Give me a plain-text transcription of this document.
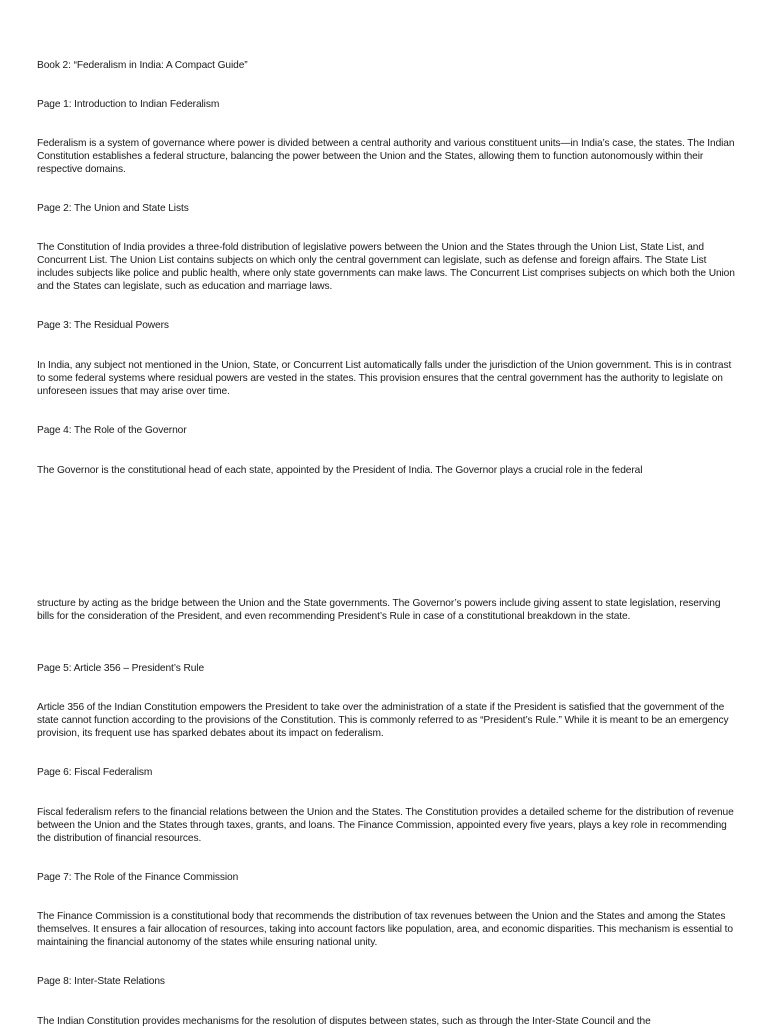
Book 2: “Federalism in India: A Compact Guide”
Page 1: Introduction to Indian Federalism
Federalism is a system of governance where power is divided between a central authority and various constituent units—in India’s case, the states. The Indian Constitution establishes a federal structure, balancing the power between the Union and the States, allowing them to function autonomously within their respective domains.
Page 2: The Union and State Lists
The Constitution of India provides a three-fold distribution of legislative powers between the Union and the States through the Union List, State List, and Concurrent List. The Union List contains subjects on which only the central government can legislate, such as defense and foreign affairs. The State List includes subjects like police and public health, where only state governments can make laws. The Concurrent List comprises subjects on which both the Union and the States can legislate, such as education and marriage laws.
Page 3: The Residual Powers
In India, any subject not mentioned in the Union, State, or Concurrent List automatically falls under the jurisdiction of the Union government. This is in contrast to some federal systems where residual powers are vested in the states. This provision ensures that the central government has the authority to legislate on unforeseen issues that may arise over time.
Page 4: The Role of the Governor
The Governor is the constitutional head of each state, appointed by the President of India. The Governor plays a crucial role in the federal
structure by acting as the bridge between the Union and the State governments. The Governor’s powers include giving assent to state legislation, reserving bills for the consideration of the President, and even recommending President’s Rule in case of a constitutional breakdown in the state.
Page 5: Article 356 – President’s Rule
Article 356 of the Indian Constitution empowers the President to take over the administration of a state if the President is satisfied that the government of the state cannot function according to the provisions of the Constitution. This is commonly referred to as “President’s Rule.” While it is meant to be an emergency provision, its frequent use has sparked debates about its impact on federalism.
Page 6: Fiscal Federalism
Fiscal federalism refers to the financial relations between the Union and the States. The Constitution provides a detailed scheme for the distribution of revenue between the Union and the States through taxes, grants, and loans. The Finance Commission, appointed every five years, plays a key role in recommending the distribution of financial resources.
Page 7: The Role of the Finance Commission
The Finance Commission is a constitutional body that recommends the distribution of tax revenues between the Union and the States and among the States themselves. It ensures a fair allocation of resources, taking into account factors like population, area, and economic disparities. This mechanism is essential to maintaining the financial autonomy of the states while ensuring national unity.
Page 8: Inter-State Relations
The Indian Constitution provides mechanisms for the resolution of disputes between states, such as through the Inter-State Council and the
